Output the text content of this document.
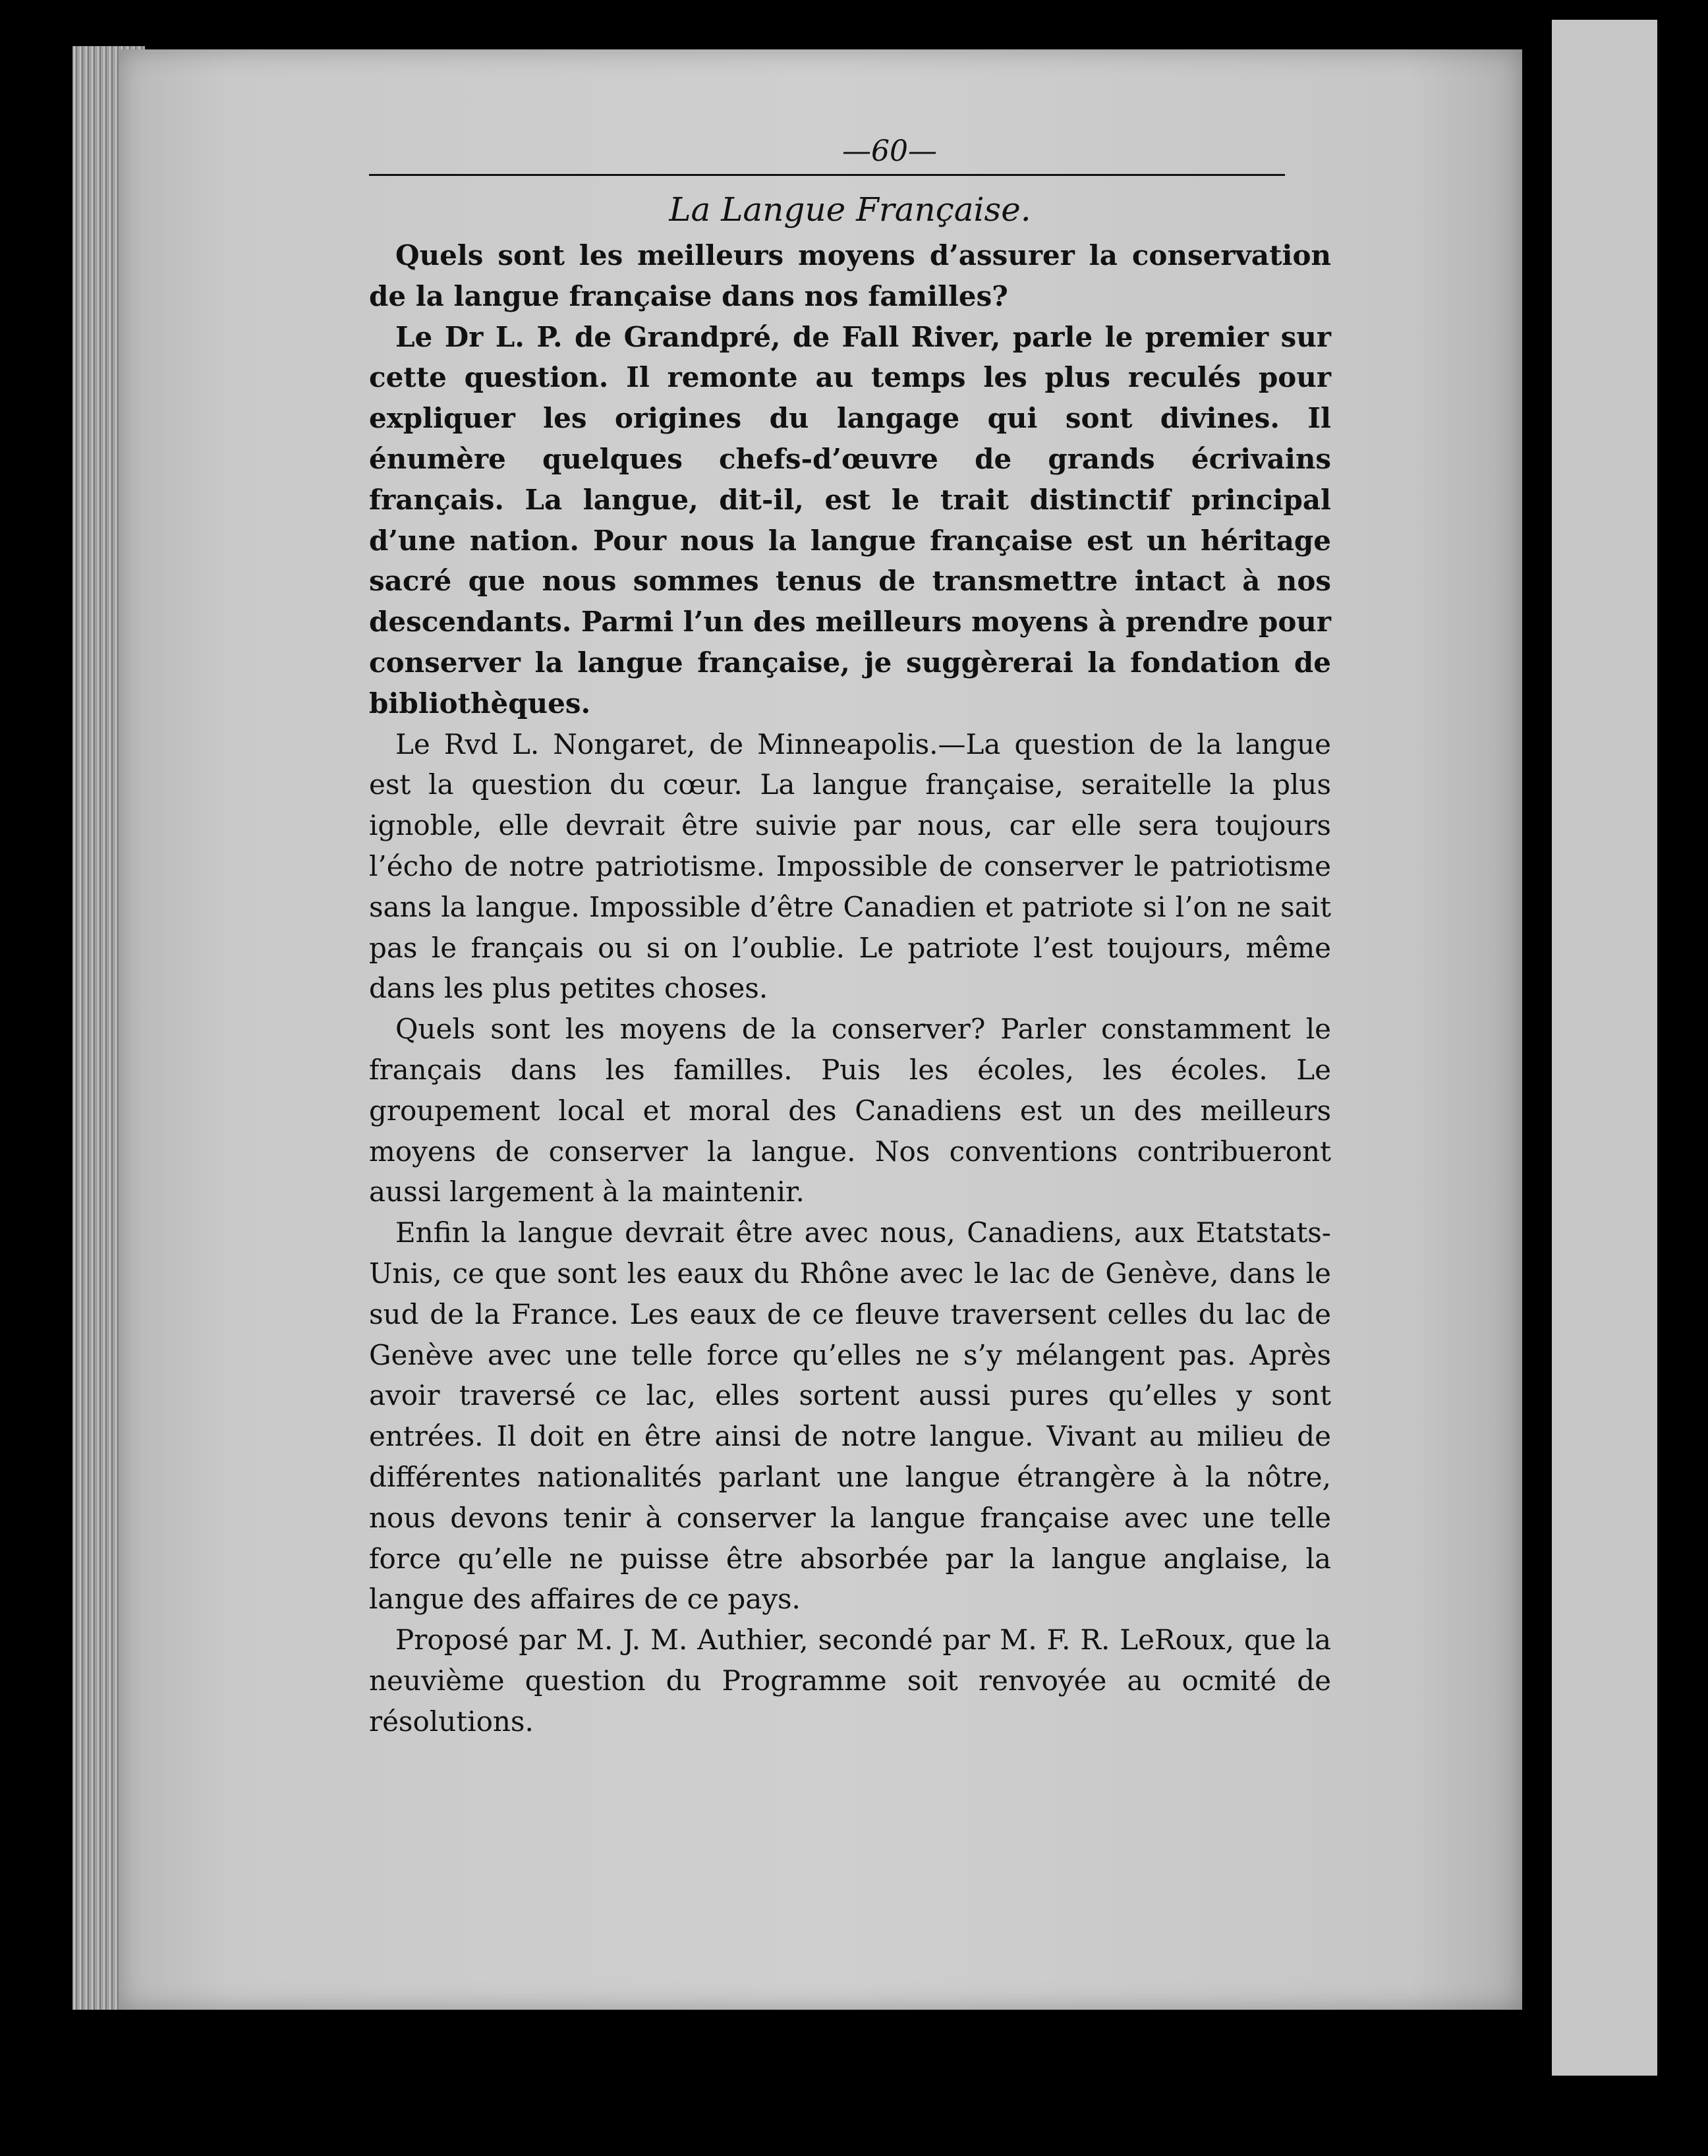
—60—
La Langue Française.

Quels sont les meilleurs moyens d’assurer la conservation de la langue française dans nos familles?

Le Dr L. P. de Grandpré, de Fall River, parle le premier sur cette question. Il remonte au temps les plus reculés pour expliquer les origines du langage qui sont divines. Il énumère quelques chefs-d’œuvre de grands écrivains français. La langue, dit-il, est le trait distinctif principal d’une nation. Pour nous la langue française est un héritage sacré que nous sommes tenus de transmettre intact à nos descendants. Parmi l’un des meilleurs moyens à prendre pour conserver la langue française, je suggèrerai la fondation de bibliothèques.

Le Rvd L. Nongaret, de Minneapolis.—La question de la langue est la question du cœur. La langue française, seraitelle la plus ignoble, elle devrait être suivie par nous, car elle sera toujours l’écho de notre patriotisme. Impossible de conserver le patriotisme sans la langue. Impossible d’être Canadien et patriote si l’on ne sait pas le français ou si on l’oublie. Le patriote l’est toujours, même dans les plus petites choses.

Quels sont les moyens de la conserver? Parler constamment le français dans les familles. Puis les écoles, les écoles. Le groupement local et moral des Canadiens est un des meilleurs moyens de conserver la langue. Nos conventions contribueront aussi largement à la maintenir.

Enfin la langue devrait être avec nous, Canadiens, aux Etatstats-Unis, ce que sont les eaux du Rhône avec le lac de Genève, dans le sud de la France. Les eaux de ce fleuve traversent celles du lac de Genève avec une telle force qu’elles ne s’y mélangent pas. Après avoir traversé ce lac, elles sortent aussi pures qu’elles y sont entrées. Il doit en être ainsi de notre langue. Vivant au milieu de différentes nationalités parlant une langue étrangère à la nôtre, nous devons tenir à conserver la langue française avec une telle force qu’elle ne puisse être absorbée par la langue anglaise, la langue des affaires de ce pays.

Proposé par M. J. M. Authier, secondé par M. F. R. LeRoux, que la neuvième question du Programme soit renvoyée au ocmité de résolutions.
